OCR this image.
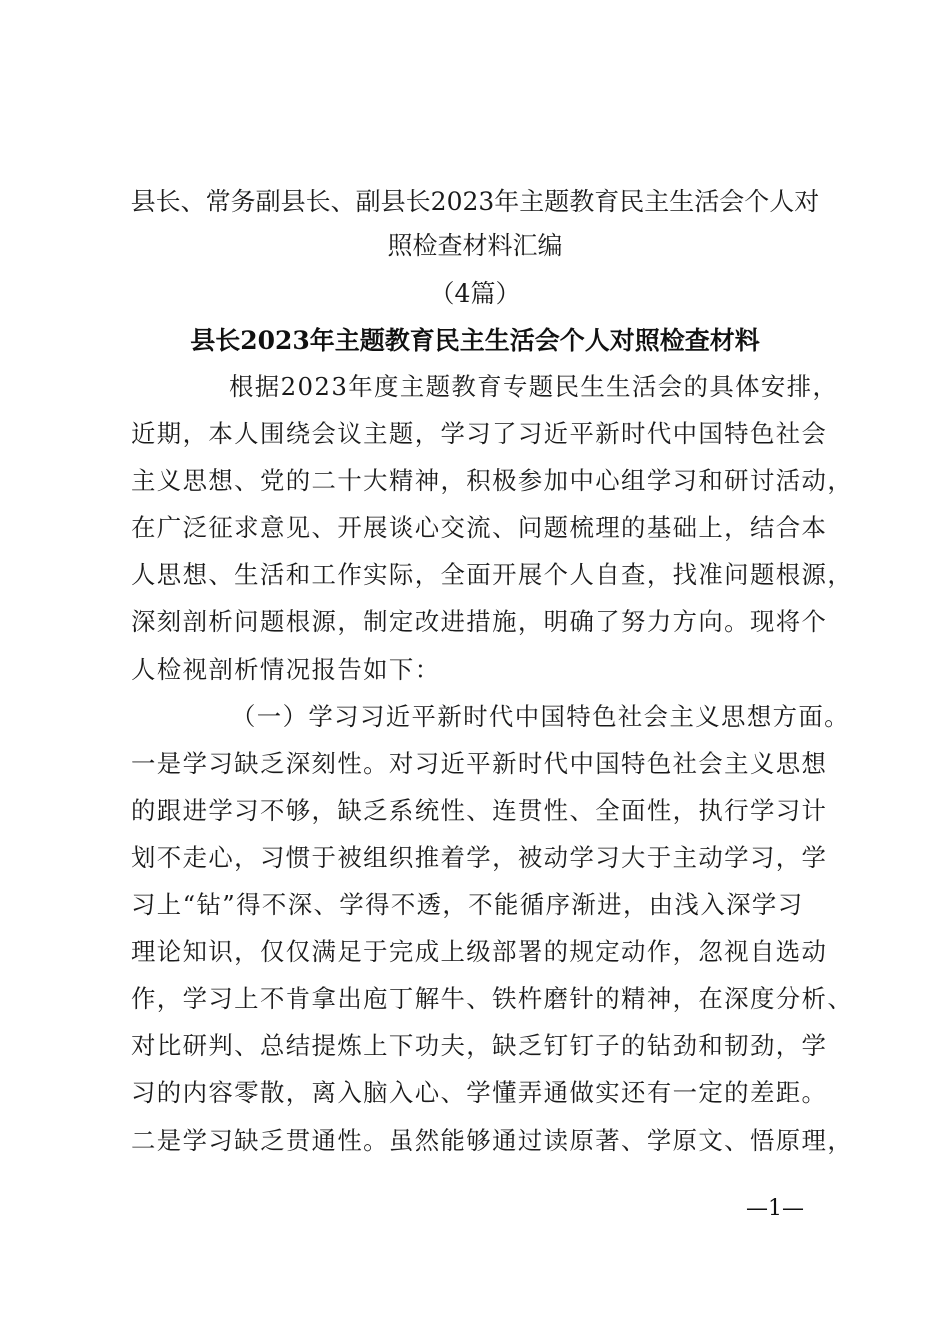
县长、常务副县长、副县长2023年主题教育民主生活会个人对
照检查材料汇编
（4篇）
县长2023年主题教育民主生活会个人对照检查材料
根据2023年度主题教育专题民生生活会的具体安排，
近期，本人围绕会议主题，学习了习近平新时代中国特色社会
主义思想、党的二十大精神，积极参加中心组学习和研讨活动，
在广泛征求意见、开展谈心交流、问题梳理的基础上，结合本
人思想、生活和工作实际，全面开展个人自查，找准问题根源，
深刻剖析问题根源，制定改进措施，明确了努力方向。现将个
人检视剖析情况报告如下：
（一）学习习近平新时代中国特色社会主义思想方面。
一是学习缺乏深刻性。对习近平新时代中国特色社会主义思想
的跟进学习不够，缺乏系统性、连贯性、全面性，执行学习计
划不走心，习惯于被组织推着学，被动学习大于主动学习，学
习上“钻”得不深、学得不透，不能循序渐进，由浅入深学习
理论知识，仅仅满足于完成上级部署的规定动作，忽视自选动
作，学习上不肯拿出庖丁解牛、铁杵磨针的精神，在深度分析、
对比研判、总结提炼上下功夫，缺乏钉钉子的钻劲和韧劲，学
习的内容零散，离入脑入心、学懂弄通做实还有一定的差距。
二是学习缺乏贯通性。虽然能够通过读原著、学原文、悟原理，
—1—
